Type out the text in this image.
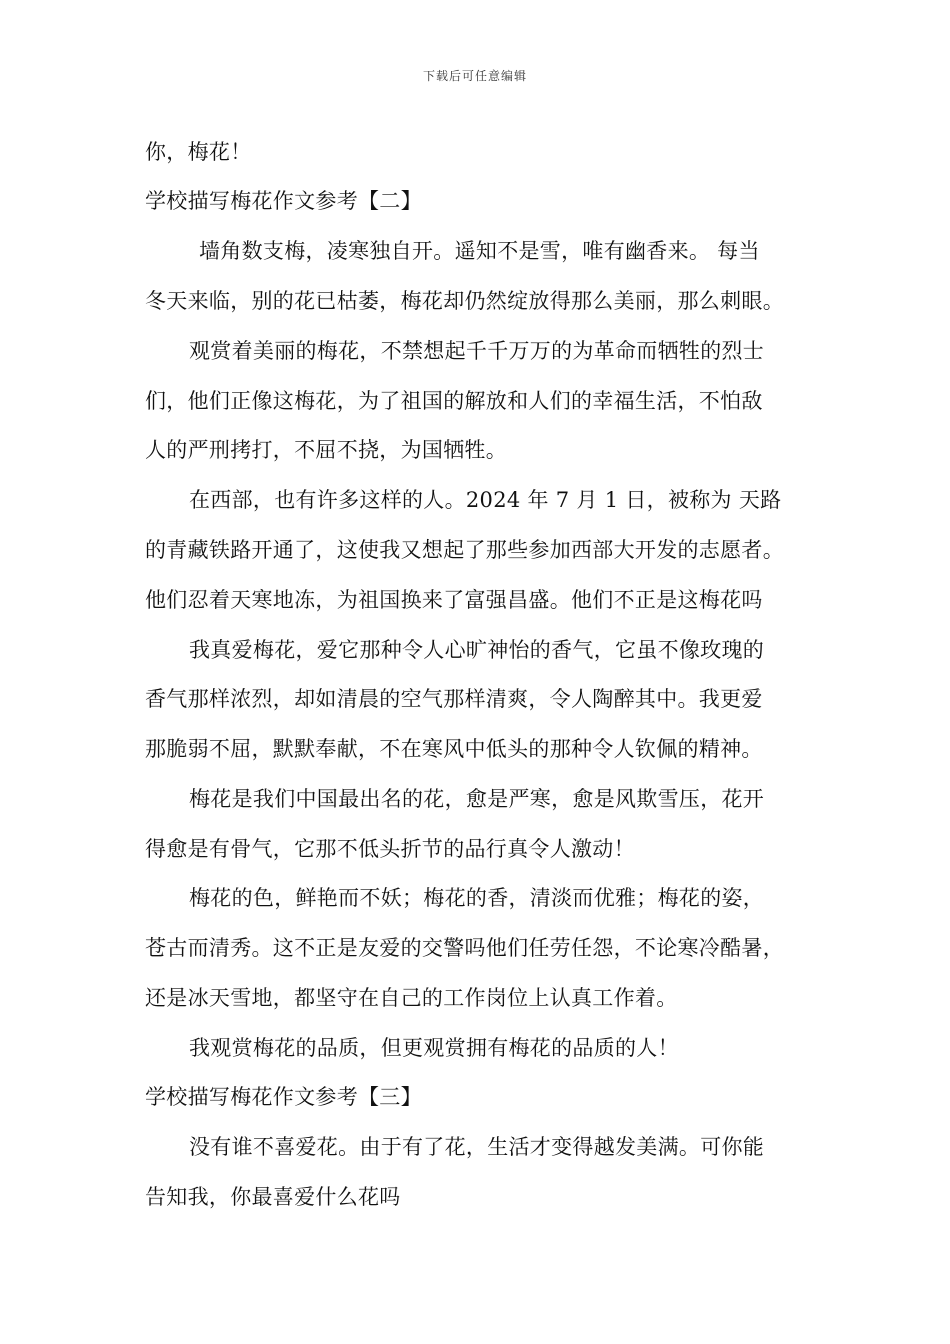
下载后可任意编辑
你，梅花！
学校描写梅花作文参考【二】
墙角数支梅，凌寒独自开。遥知不是雪，唯有幽香来。 每当
冬天来临，别的花已枯萎，梅花却仍然绽放得那么美丽，那么刺眼。
观赏着美丽的梅花，不禁想起千千万万的为革命而牺牲的烈士
们，他们正像这梅花，为了祖国的解放和人们的幸福生活，不怕敌
人的严刑拷打，不屈不挠，为国牺牲。
在西部，也有许多这样的人。2024 年 7 月 1 日，被称为 天路
的青藏铁路开通了，这使我又想起了那些参加西部大开发的志愿者。
他们忍着天寒地冻，为祖国换来了富强昌盛。他们不正是这梅花吗
我真爱梅花，爱它那种令人心旷神怡的香气，它虽不像玫瑰的
香气那样浓烈，却如清晨的空气那样清爽，令人陶醉其中。我更爱
那脆弱不屈，默默奉献，不在寒风中低头的那种令人钦佩的精神。
梅花是我们中国最出名的花，愈是严寒，愈是风欺雪压，花开
得愈是有骨气，它那不低头折节的品行真令人激动！
梅花的色，鲜艳而不妖；梅花的香，清淡而优雅；梅花的姿，
苍古而清秀。这不正是友爱的交警吗他们任劳任怨，不论寒冷酷暑，
还是冰天雪地，都坚守在自己的工作岗位上认真工作着。
我观赏梅花的品质，但更观赏拥有梅花的品质的人！
学校描写梅花作文参考【三】
没有谁不喜爱花。由于有了花，生活才变得越发美满。可你能
告知我，你最喜爱什么花吗
